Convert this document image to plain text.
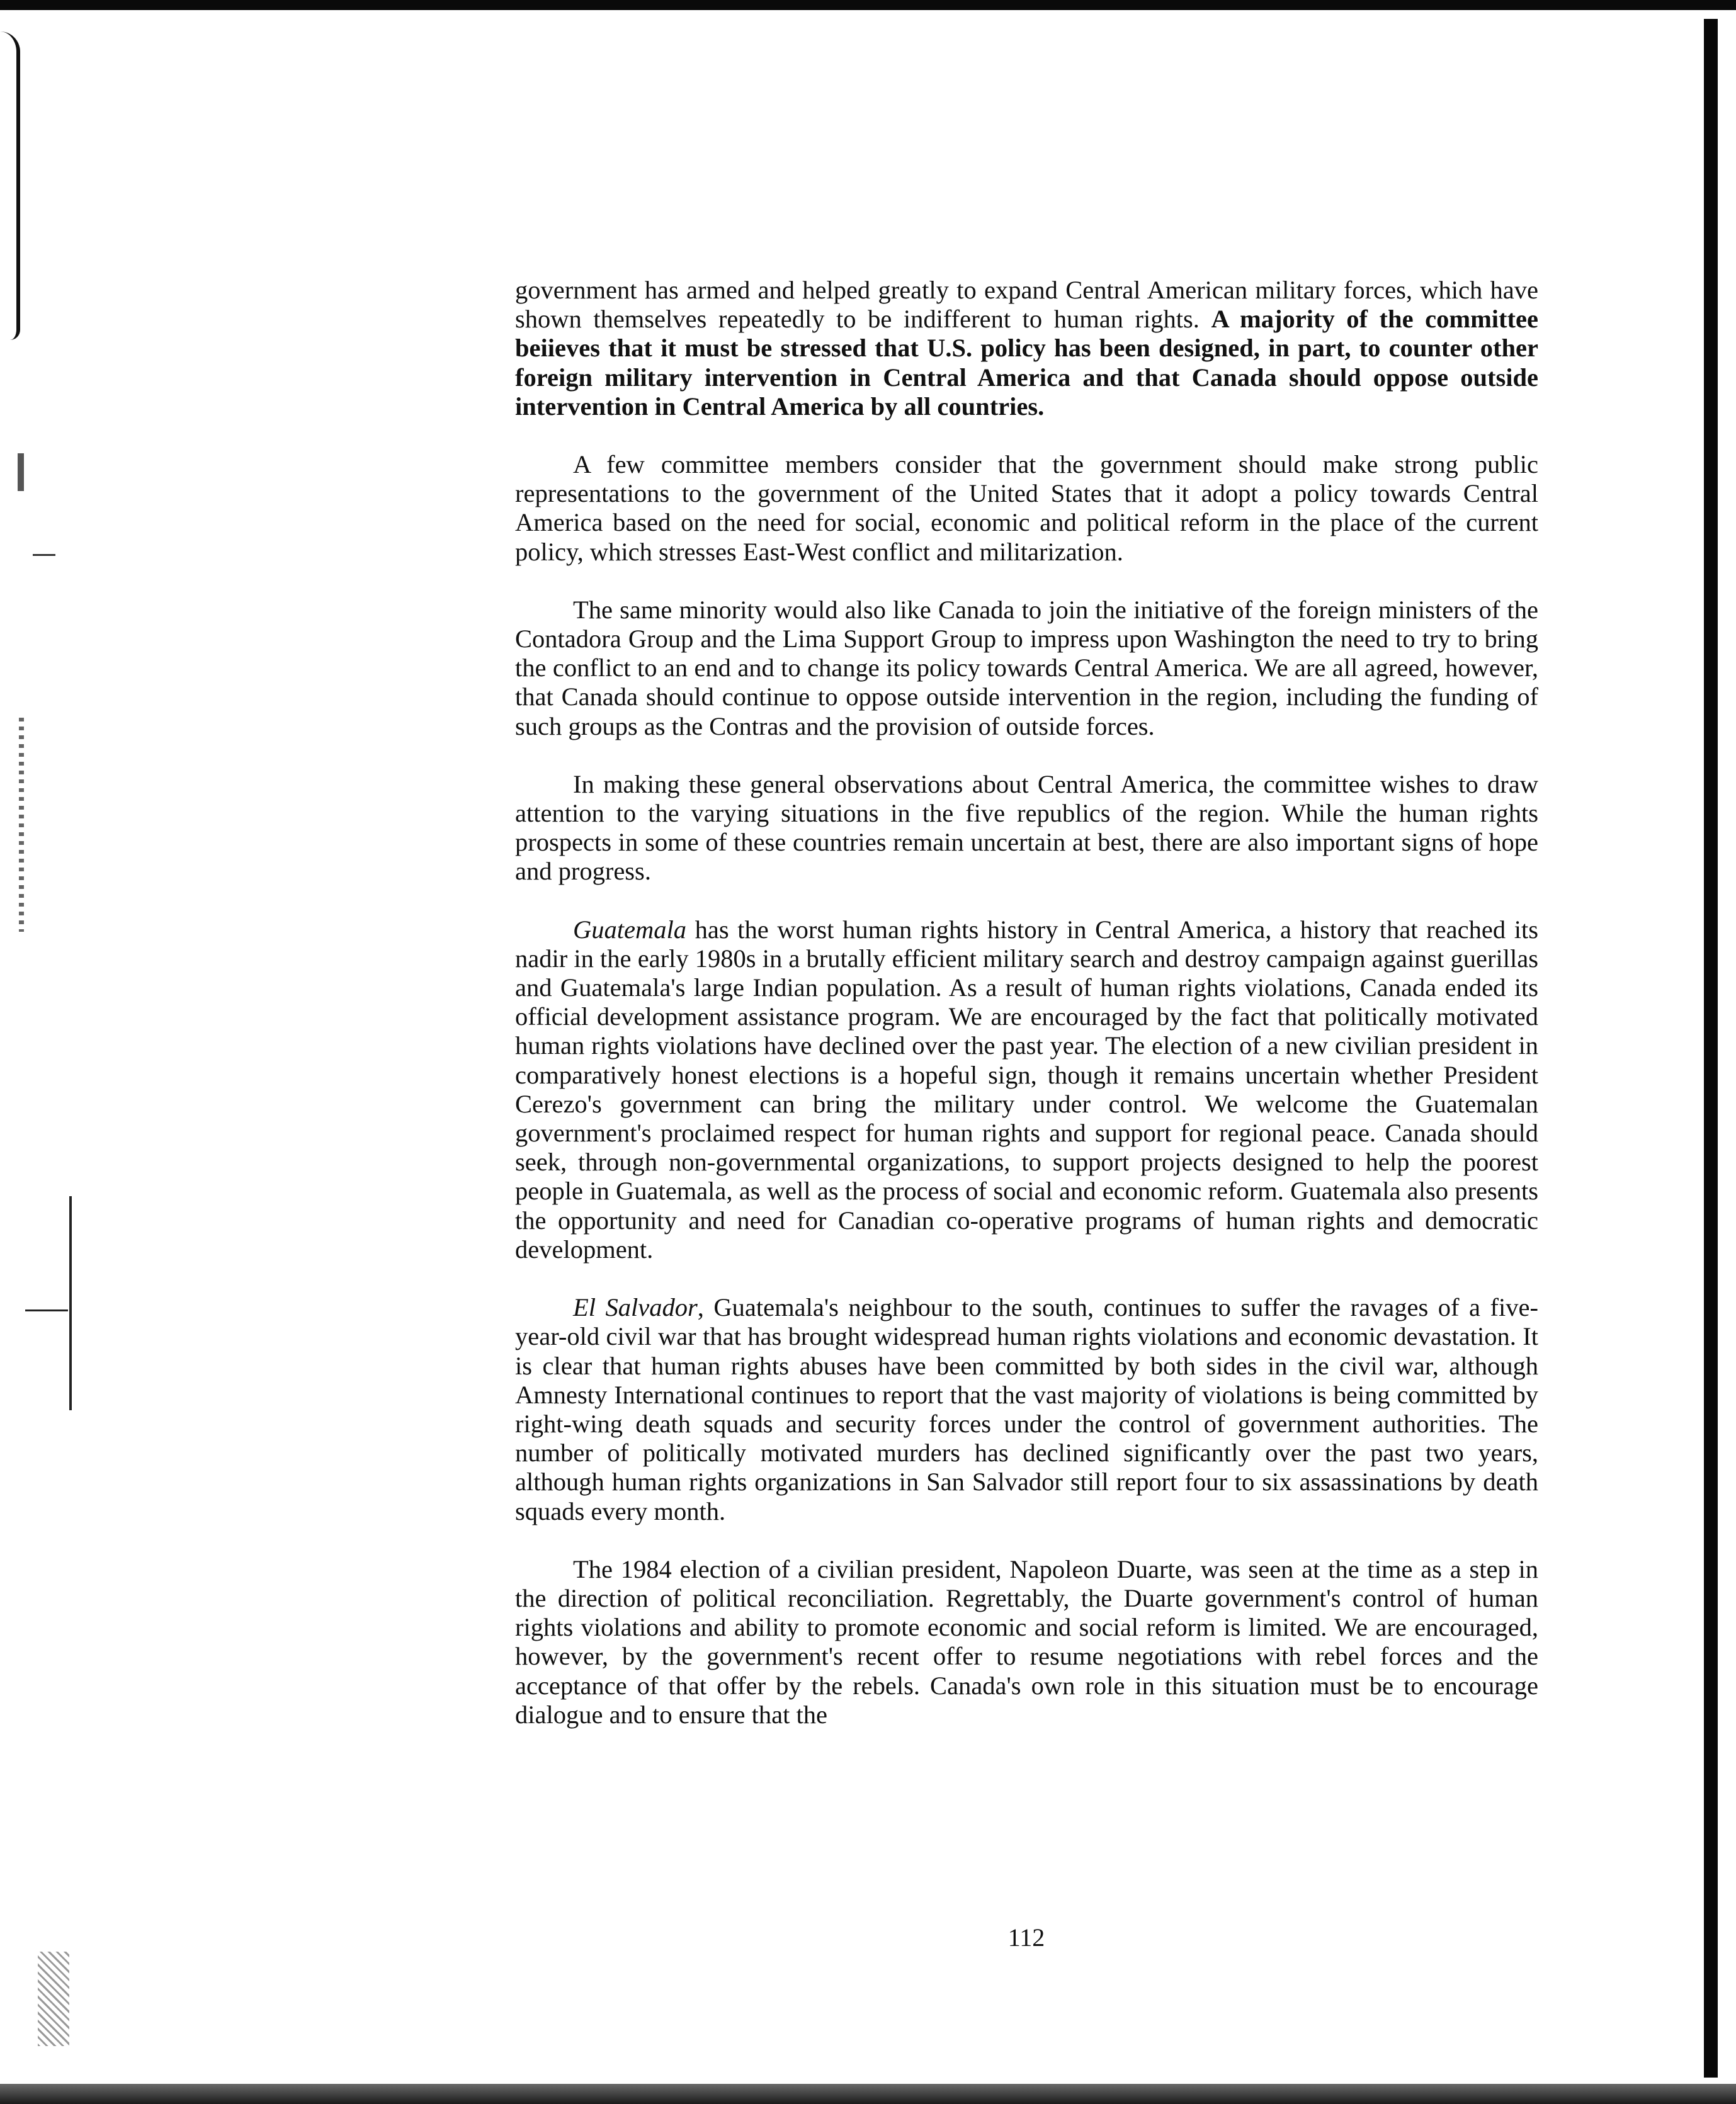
government has armed and helped greatly to expand Central American military forces, which have shown themselves repeatedly to be indifferent to human rights. A majority of the committee beiieves that it must be stressed that U.S. policy has been designed, in part, to counter other foreign military intervention in Central America and that Canada should oppose outside intervention in Central America by all countries.

A few committee members consider that the government should make strong public representations to the government of the United States that it adopt a policy towards Central America based on the need for social, economic and political reform in the place of the current policy, which stresses East-West conflict and militarization.

The same minority would also like Canada to join the initiative of the foreign ministers of the Contadora Group and the Lima Support Group to impress upon Washington the need to try to bring the conflict to an end and to change its policy towards Central America. We are all agreed, however, that Canada should continue to oppose outside intervention in the region, including the funding of such groups as the Contras and the provision of outside forces.

In making these general observations about Central America, the committee wishes to draw attention to the varying situations in the five republics of the region. While the human rights prospects in some of these countries remain uncertain at best, there are also important signs of hope and progress.

Guatemala has the worst human rights history in Central America, a history that reached its nadir in the early 1980s in a brutally efficient military search and destroy campaign against guerillas and Guatemala's large Indian population. As a result of human rights violations, Canada ended its official development assistance program. We are encouraged by the fact that politically motivated human rights violations have declined over the past year. The election of a new civilian president in comparatively honest elections is a hopeful sign, though it remains uncertain whether President Cerezo's government can bring the military under control. We welcome the Guatemalan government's proclaimed respect for human rights and support for regional peace. Canada should seek, through non-governmental organizations, to support projects designed to help the poorest people in Guatemala, as well as the process of social and economic reform. Guatemala also presents the opportunity and need for Canadian co-operative programs of human rights and democratic development.

El Salvador, Guatemala's neighbour to the south, continues to suffer the ravages of a five-year-old civil war that has brought widespread human rights violations and economic devastation. It is clear that human rights abuses have been committed by both sides in the civil war, although Amnesty International continues to report that the vast majority of violations is being committed by right-wing death squads and security forces under the control of government authorities. The number of politically motivated murders has declined significantly over the past two years, although human rights organizations in San Salvador still report four to six assassinations by death squads every month.

The 1984 election of a civilian president, Napoleon Duarte, was seen at the time as a step in the direction of political reconciliation. Regrettably, the Duarte government's control of human rights violations and ability to promote economic and social reform is limited. We are encouraged, however, by the government's recent offer to resume negotiations with rebel forces and the acceptance of that offer by the rebels. Canada's own role in this situation must be to encourage dialogue and to ensure that the

112
